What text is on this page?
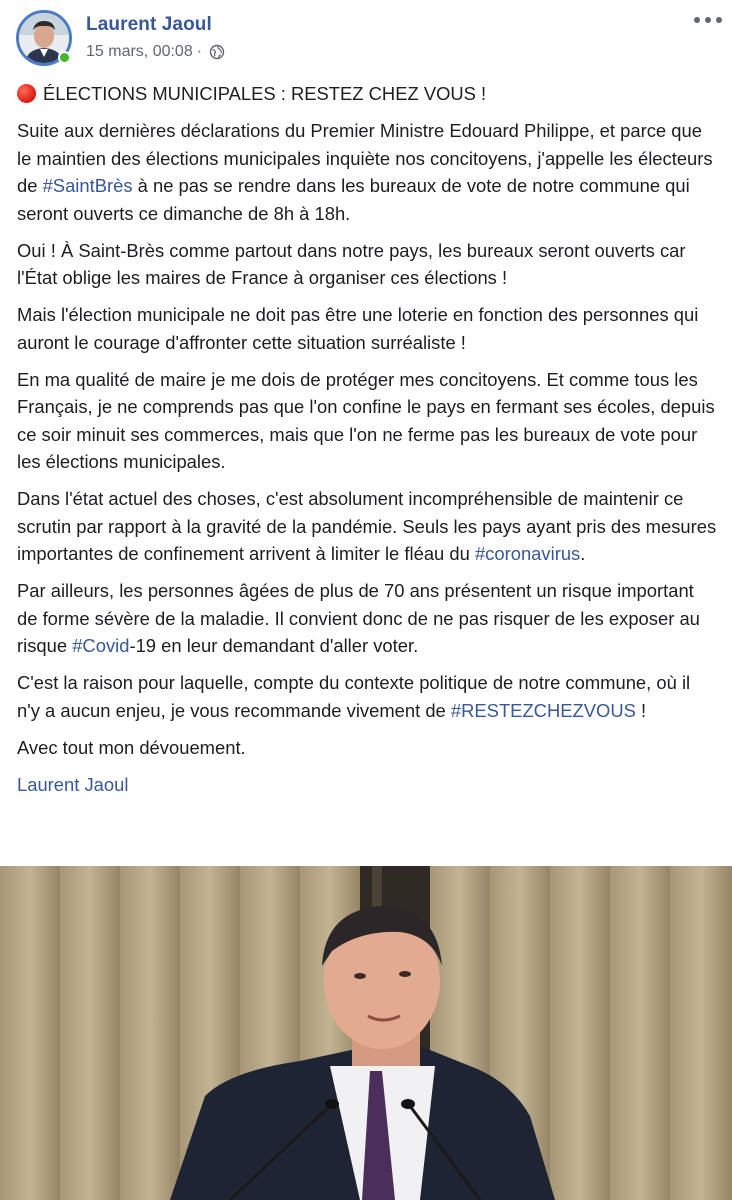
Laurent Jaoul
15 mars, 00:08 ·
ÉLECTIONS MUNICIPALES : RESTEZ CHEZ VOUS !

Suite aux dernières déclarations du Premier Ministre Edouard Philippe, et parce que le maintien des élections municipales inquiète nos concitoyens, j'appelle les électeurs de #SaintBrès à ne pas se rendre dans les bureaux de vote de notre commune qui seront ouverts ce dimanche de 8h à 18h.

Oui ! À Saint-Brès comme partout dans notre pays, les bureaux seront ouverts car l'État oblige les maires de France à organiser ces élections !

Mais l'élection municipale ne doit pas être une loterie en fonction des personnes qui auront le courage d'affronter cette situation surréaliste !

En ma qualité de maire je me dois de protéger mes concitoyens. Et comme tous les Français, je ne comprends pas que l'on confine le pays en fermant ses écoles, depuis ce soir minuit ses commerces, mais que l'on ne ferme pas les bureaux de vote pour les élections municipales.

Dans l'état actuel des choses, c'est absolument incompréhensible de maintenir ce scrutin par rapport à la gravité de la pandémie. Seuls les pays ayant pris des mesures importantes de confinement arrivent à limiter le fléau du #coronavirus.

Par ailleurs, les personnes âgées de plus de 70 ans présentent un risque important de forme sévère de la maladie. Il convient donc de ne pas risquer de les exposer au risque #Covid-19 en leur demandant d'aller voter.

C'est la raison pour laquelle, compte du contexte politique de notre commune, où il n'y a aucun enjeu, je vous recommande vivement de #RESTEZCHEZVOUS !

Avec tout mon dévouement.

Laurent Jaoul
